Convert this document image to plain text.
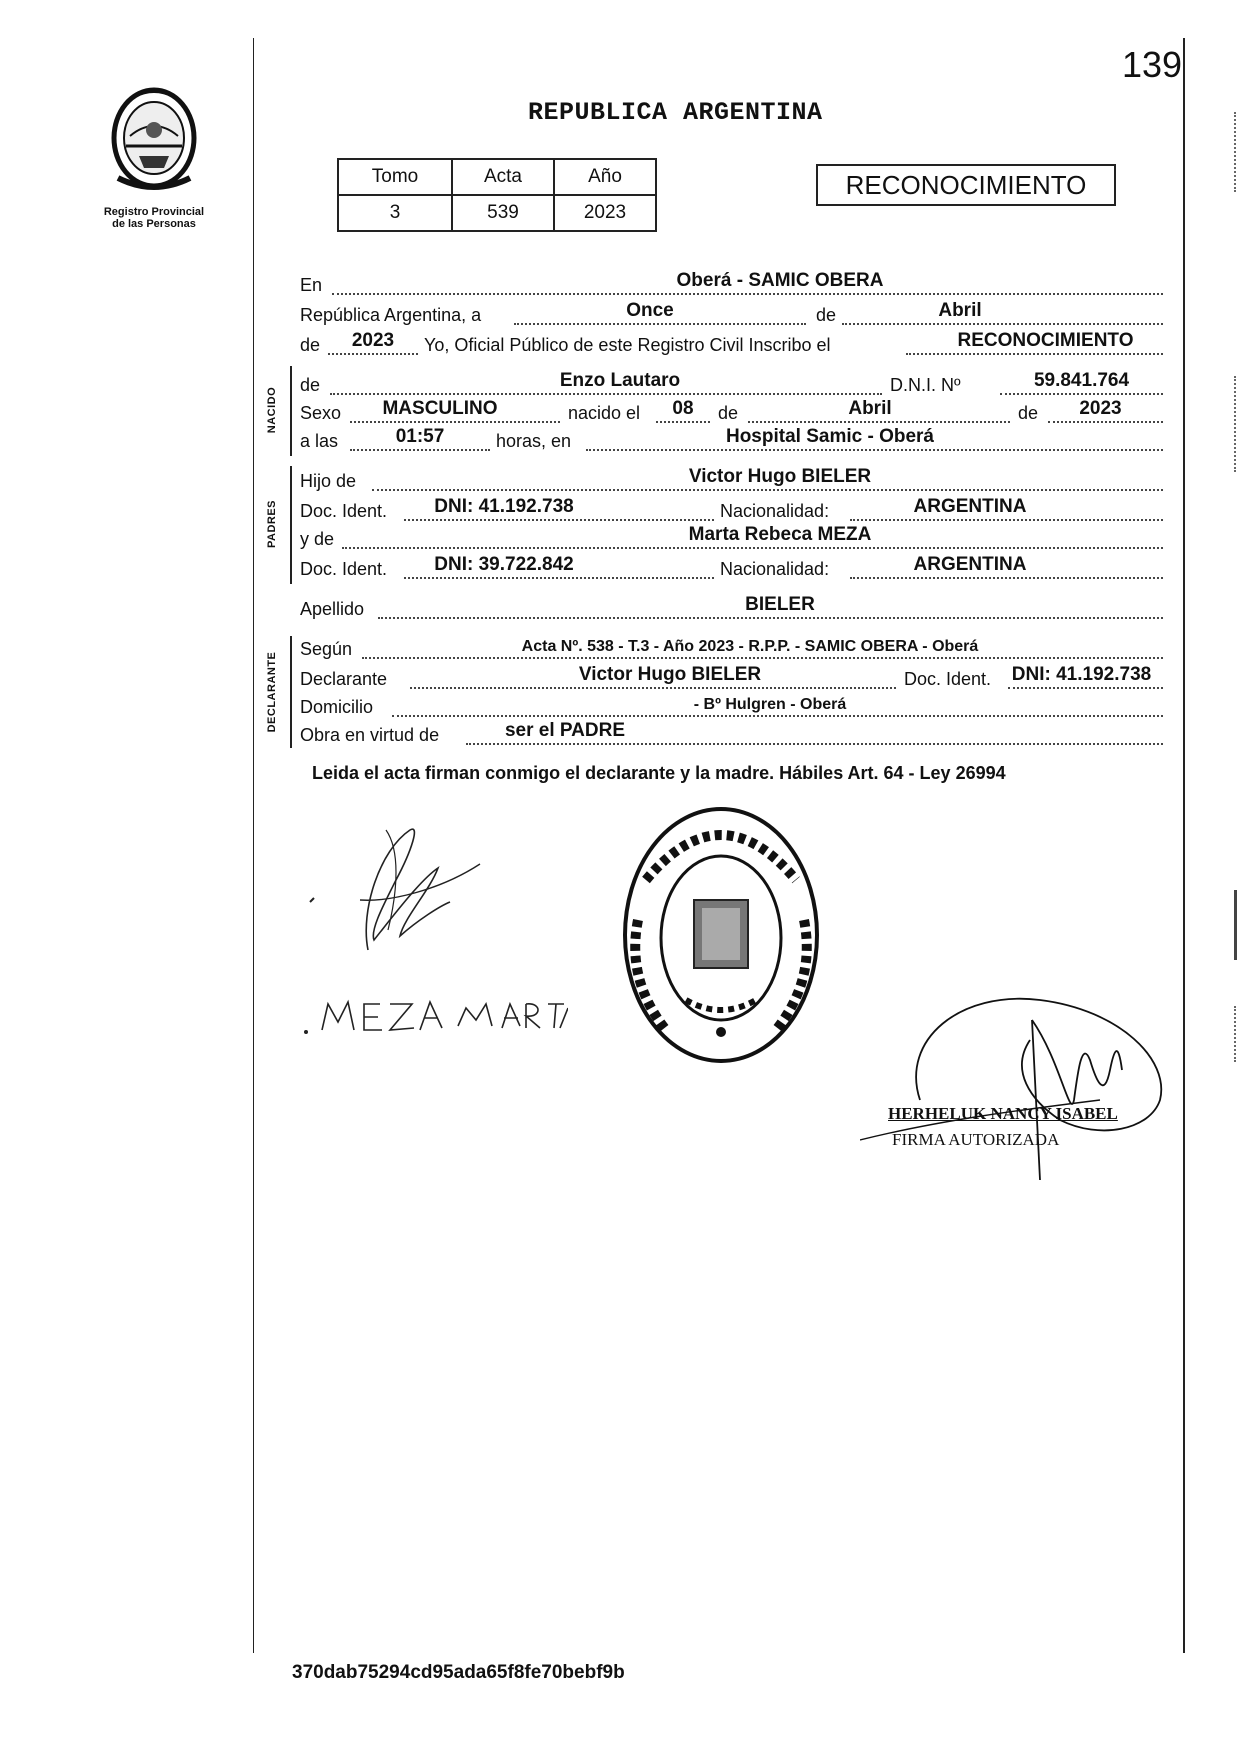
139
Registro Provincial
de las Personas
REPUBLICA ARGENTINA
Tomo	Acta	Año
3	539	2023
RECONOCIMIENTO
En	Oberá - SAMIC OBERA
República Argentina, a	Once	de	Abril
de	2023	Yo, Oficial Público de este Registro Civil Inscribo el	RECONOCIMIENTO
NACIDO
de	Enzo Lautaro	D.N.I. Nº	59.841.764
Sexo	MASCULINO	nacido el	08	de	Abril	de	2023
a las	01:57	horas, en	Hospital Samic - Oberá
PADRES
Hijo de	Victor Hugo BIELER
Doc. Ident.	DNI: 41.192.738	Nacionalidad:	ARGENTINA
y de	Marta Rebeca MEZA
Doc. Ident.	DNI: 39.722.842	Nacionalidad:	ARGENTINA
Apellido	BIELER
DECLARANTE
Según	Acta Nº. 538 - T.3 - Año 2023 - R.P.P. - SAMIC OBERA - Oberá
Declarante	Victor Hugo BIELER	Doc. Ident.	DNI: 41.192.738
Domicilio	- Bº Hulgren - Oberá
Obra en virtud de	ser el PADRE
Leida el acta firman conmigo el declarante y la madre. Hábiles Art. 64 - Ley 26994
HERHELUK NANCY ISABEL
FIRMA AUTORIZADA
370dab75294cd95ada65f8fe70bebf9b
